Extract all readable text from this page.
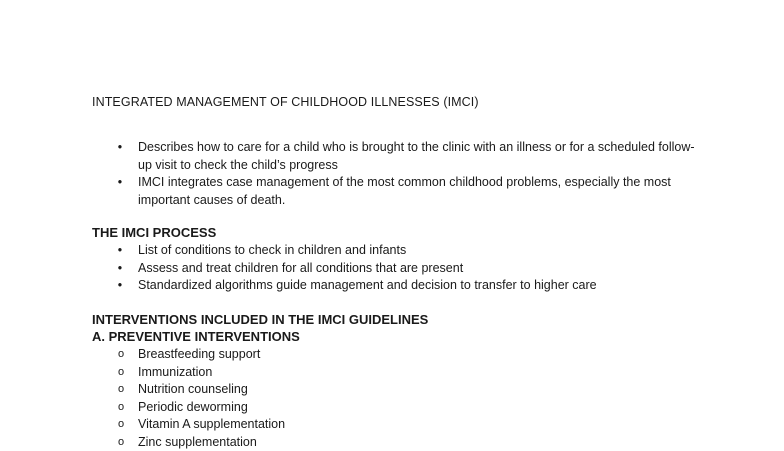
INTEGRATED MANAGEMENT OF CHILDHOOD ILLNESSES (IMCI)
•	Describes how to care for a child who is brought to the clinic with an illness or for a scheduled follow-up visit to check the child’s progress
•	IMCI integrates case management of the most common childhood problems, especially the most important causes of death.
THE IMCI PROCESS
•	List of conditions to check in children and infants
•	Assess and treat children for all conditions that are present
•	Standardized algorithms guide management and decision to transfer to higher care
INTERVENTIONS INCLUDED IN THE IMCI GUIDELINES
A. PREVENTIVE INTERVENTIONS
o Breastfeeding support
o Immunization
o Nutrition counseling
o Periodic deworming
o Vitamin A supplementation
o Zinc supplementation
